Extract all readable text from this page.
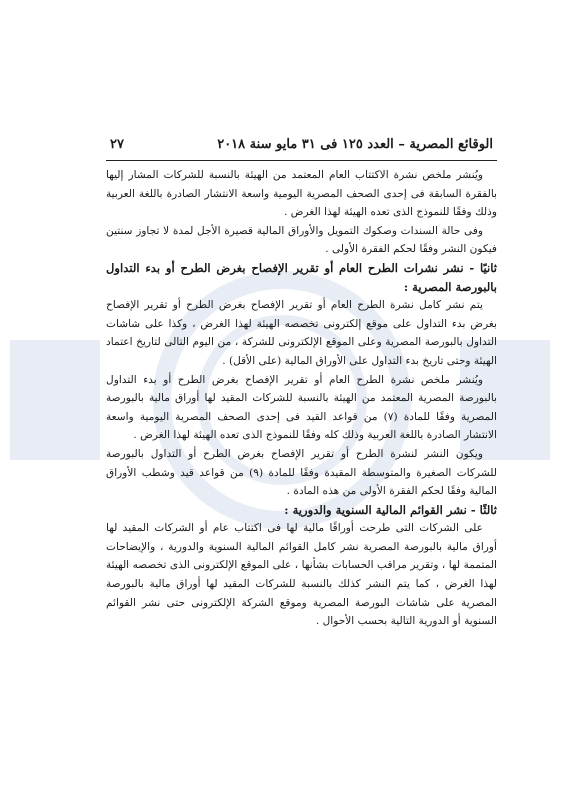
الوقائع المصرية – العدد ١٢٥ فى ٣١ مايو سنة ٢٠١٨
٢٧

ويُنشر ملخص نشرة الاكتتاب العام المعتمد من الهيئة بالنسبة للشركات المشار إليها بالفقرة السابقة فى إحدى الصحف المصرية اليومية واسعة الانتشار الصادرة باللغة العربية وذلك وفقًا للنموذج الذى تعده الهيئة لهذا الغرض .

وفى حالة السندات وصكوك التمويل والأوراق المالية قصيرة الأجل لمدة لا تجاوز سنتين فيكون النشر وفقًا لحكم الفقرة الأولى .

ثانيًا - نشر نشرات الطرح العام أو تقرير الإفصاح بغرض الطرح أو بدء التداول بالبورصة المصرية :

يتم نشر كامل نشرة الطرح العام أو تقرير الإفصاح بغرض الطرح أو تقرير الإفصاح بغرض بدء التداول على موقع إلكترونى تخصصه الهيئة لهذا الغرض ، وكذا على شاشات التداول بالبورصة المصرية وعلى الموقع الإلكترونى للشركة ، من اليوم التالى لتاريخ اعتماد الهيئة وحتى تاريخ بدء التداول على الأوراق المالية (على الأقل) .

ويُنشر ملخص نشرة الطرح العام أو تقرير الإفصاح بغرض الطرح أو بدء التداول بالبورصة المصرية المعتمد من الهيئة بالنسبة للشركات المقيد لها أوراق مالية بالبورصة المصرية وفقًا للمادة (٧) من قواعد القيد فى إحدى الصحف المصرية اليومية واسعة الانتشار الصادرة باللغة العربية وذلك كله وفقًا للنموذج الذى تعده الهيئة لهذا الغرض .

ويكون النشر لنشرة الطرح أو تقرير الإفصاح بغرض الطرح أو التداول بالبورصة للشركات الصغيرة والمتوسطة المقيدة وفقًا للمادة (٩) من قواعد قيد وشطب الأوراق المالية وفقًا لحكم الفقرة الأولى من هذه المادة .

ثالثًا - نشر القوائم المالية السنوية والدورية :

على الشركات التى طرحت أوراقًا مالية لها فى اكتتاب عام أو الشركات المقيد لها أوراق مالية بالبورصة المصرية نشر كامل القوائم المالية السنوية والدورية ، والإيضاحات المتممة لها ، وتقرير مراقب الحسابات بشأنها ، على الموقع الإلكترونى الذى تخصصه الهيئة لهذا الغرض ، كما يتم النشر كذلك بالنسبة للشركات المقيد لها أوراق مالية بالبورصة المصرية على شاشات البورصة المصرية وموقع الشركة الإلكترونى حتى نشر القوائم السنوية أو الدورية التالية بحسب الأحوال .
